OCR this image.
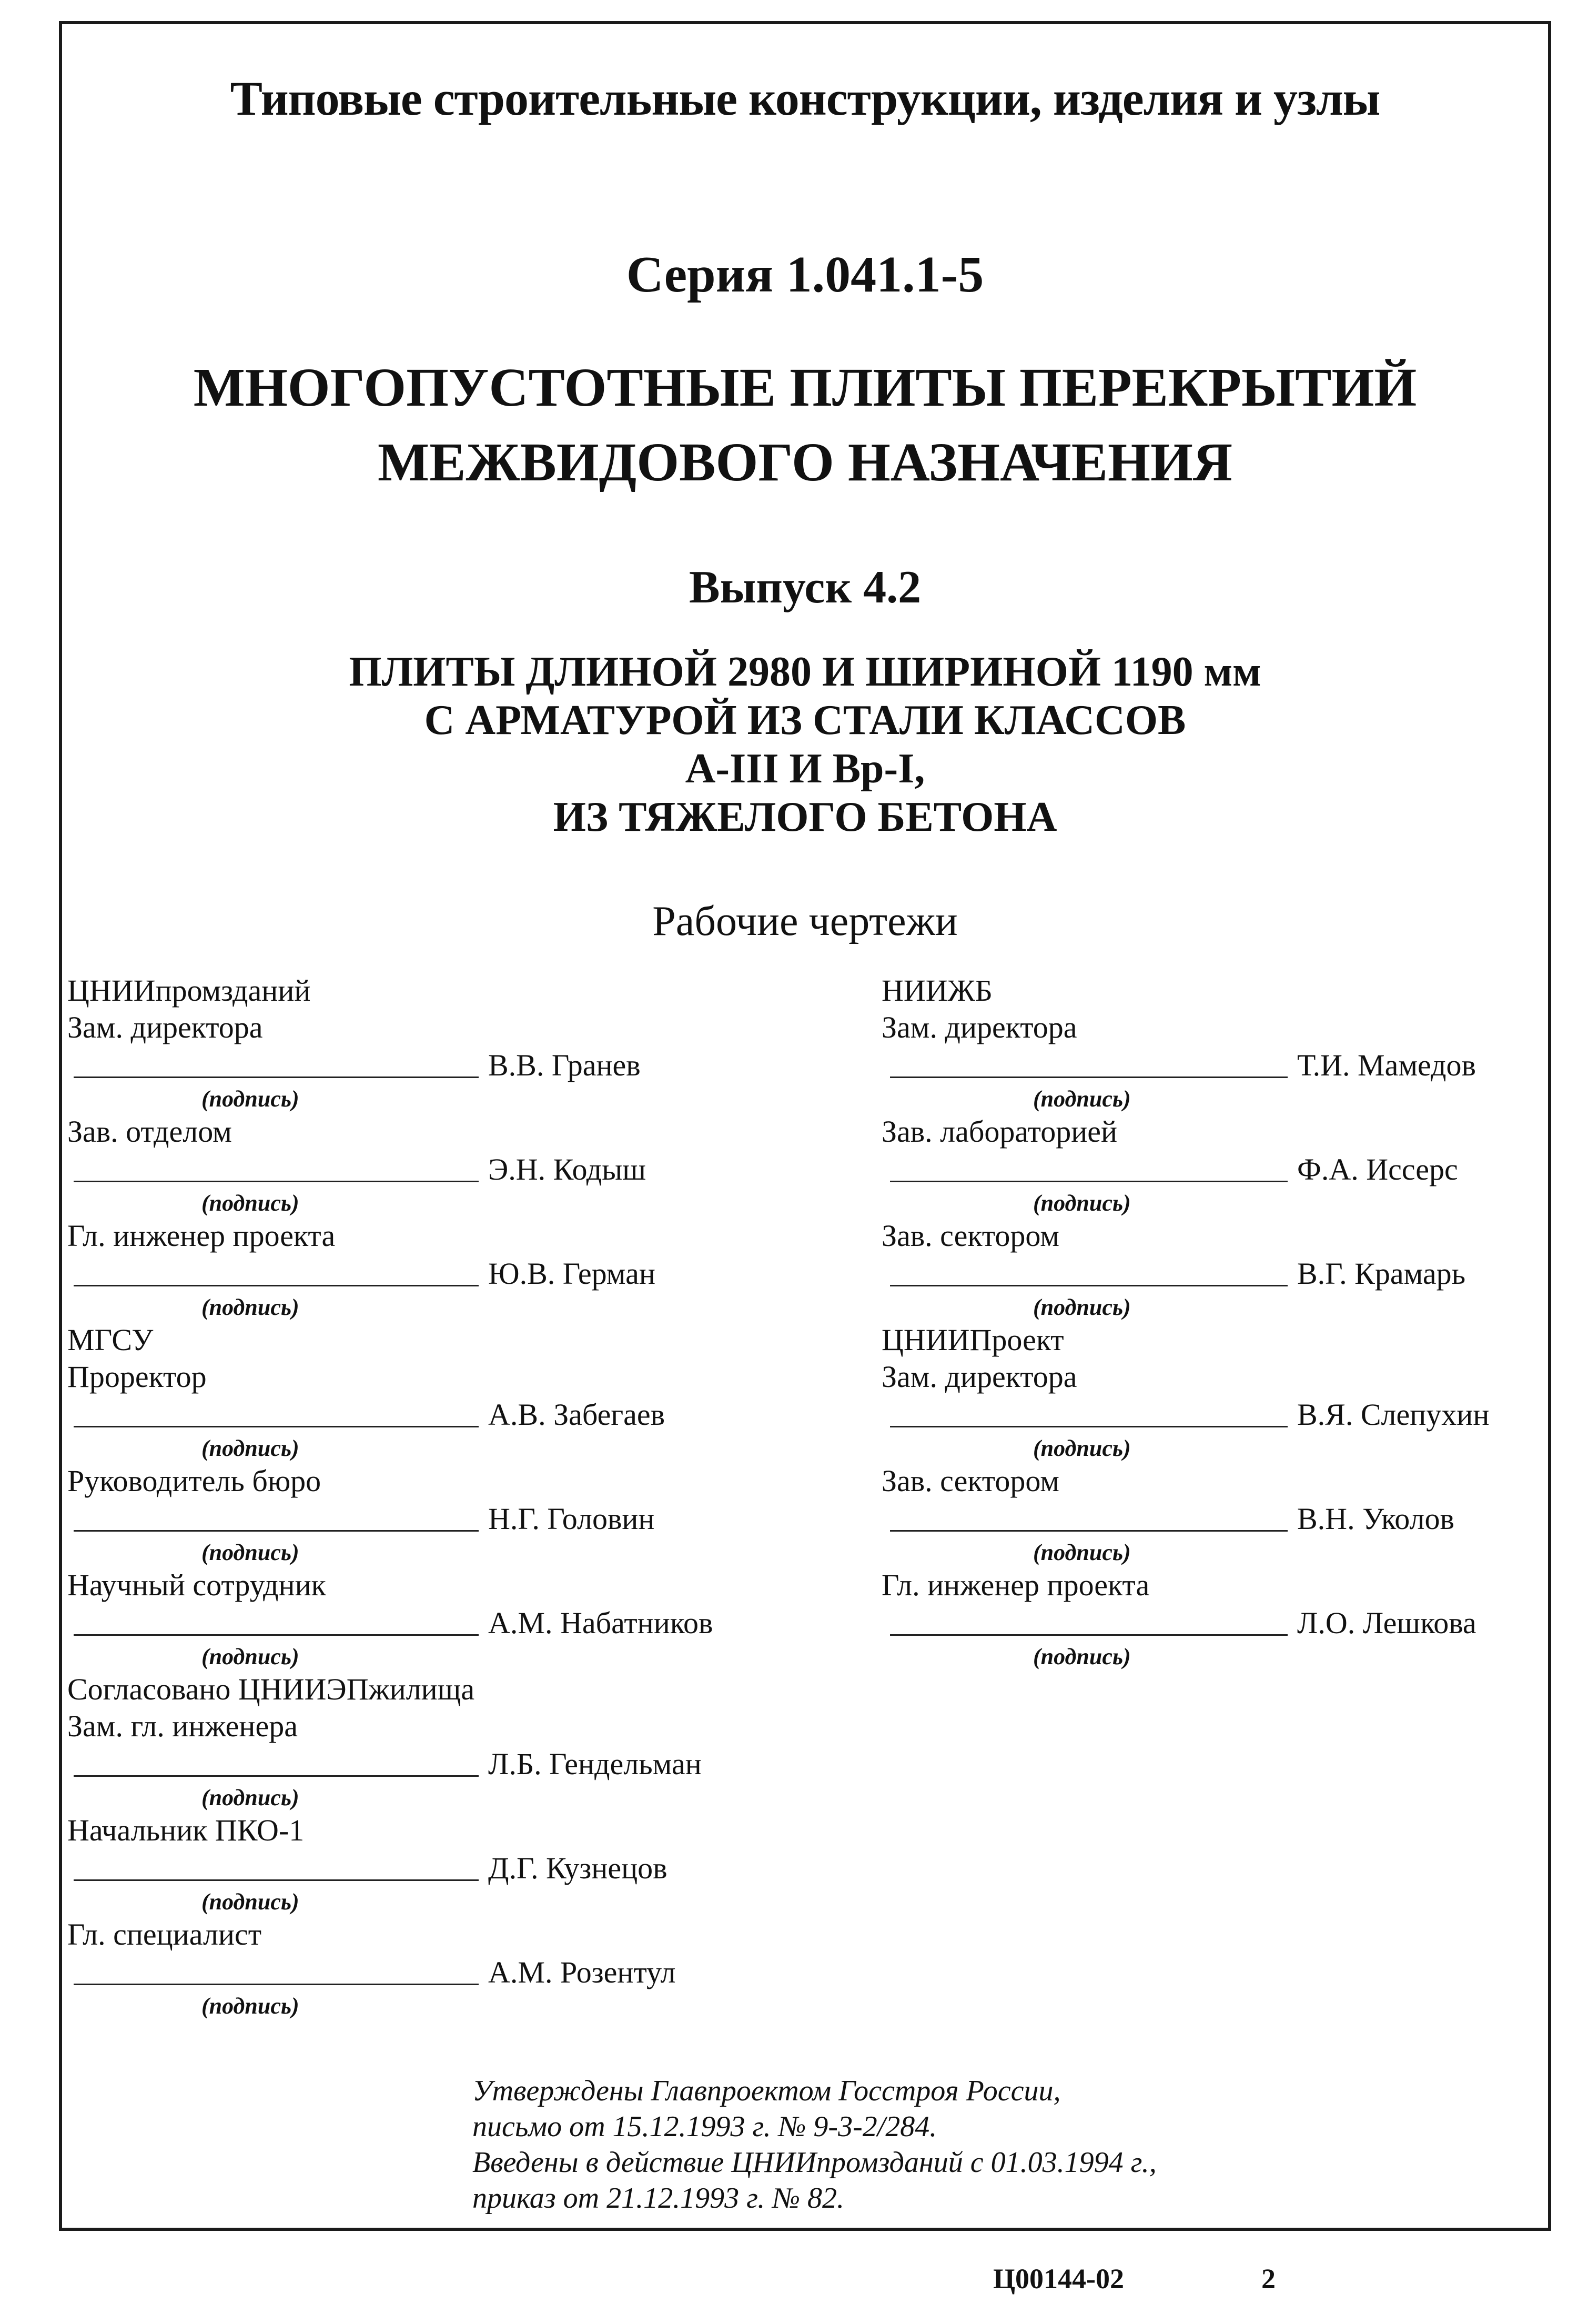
Типовые строительные конструкции, изделия и узлы
Серия 1.041.1-5
МНОГОПУСТОТНЫЕ ПЛИТЫ ПЕРЕКРЫТИЙ
МЕЖВИДОВОГО НАЗНАЧЕНИЯ
Выпуск 4.2
ПЛИТЫ ДЛИНОЙ 2980 И ШИРИНОЙ 1190 мм
С АРМАТУРОЙ ИЗ СТАЛИ КЛАССОВ
А-III И Вр-I,
ИЗ ТЯЖЕЛОГО БЕТОНА
Рабочие чертежи
ЦНИИпромзданий
Зам. директора
В.В. Гранев
(подпись)
Зав. отделом
Э.Н. Кодыш
(подпись)
Гл. инженер проекта
Ю.В. Герман
(подпись)
МГСУ
Проректор
А.В. Забегаев
(подпись)
Руководитель бюро
Н.Г. Головин
(подпись)
Научный сотрудник
А.М. Набатников
(подпись)
Согласовано ЦНИИЭПжилища
Зам. гл. инженера
Л.Б. Гендельман
(подпись)
Начальник ПКО-1
Д.Г. Кузнецов
(подпись)
Гл. специалист
А.М. Розентул
(подпись)
НИИЖБ
Зам. директора
Т.И. Мамедов
(подпись)
Зав. лабораторией
Ф.А. Иссерс
(подпись)
Зав. сектором
В.Г. Крамарь
(подпись)
ЦНИИПроект
Зам. директора
В.Я. Слепухин
(подпись)
Зав. сектором
В.Н. Уколов
(подпись)
Гл. инженер проекта
Л.О. Лешкова
(подпись)
Утверждены Главпроектом Госстроя России,
письмо от 15.12.1993 г. № 9-3-2/284.
Введены в действие ЦНИИпромзданий с 01.03.1994 г.,
приказ от 21.12.1993 г. № 82.
Ц00144-02	2
